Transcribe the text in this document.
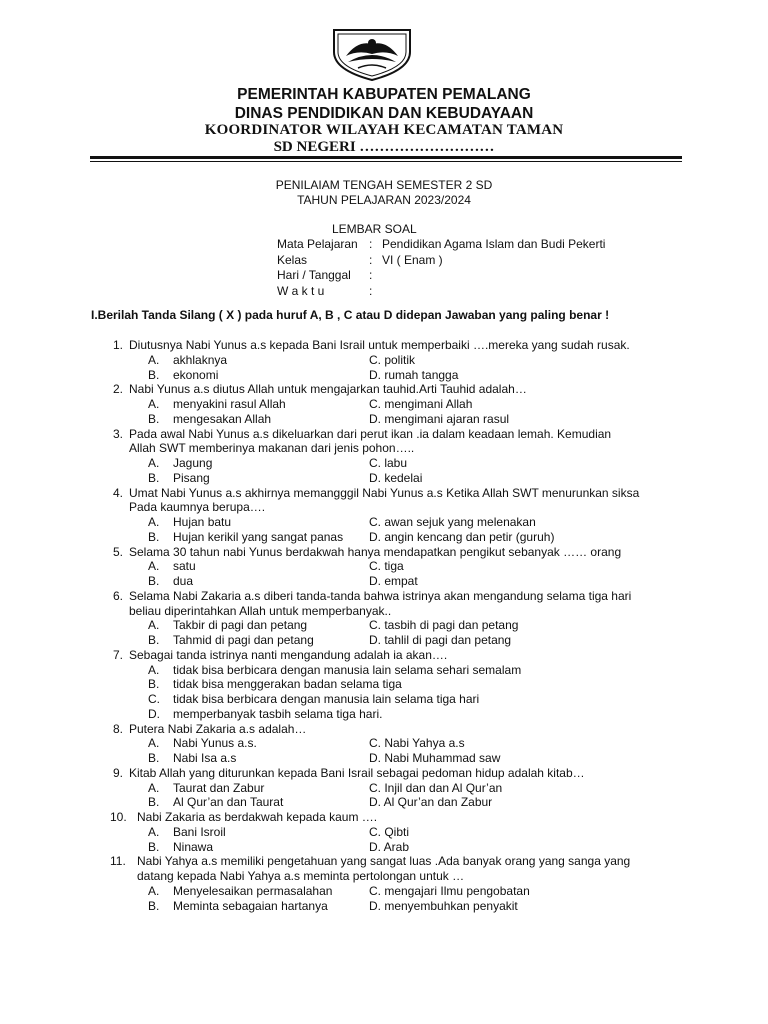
PEMERINTAH KABUPATEN PEMALANG
DINAS PENDIDIKAN DAN KEBUDAYAAN
KOORDINATOR WILAYAH KECAMATAN TAMAN
SD NEGERI ………………………
PENILAIAM TENGAH SEMESTER 2 SD
TAHUN PELAJARAN 2023/2024
LEMBAR SOAL
Mata Pelajaran : Pendidikan Agama Islam dan Budi Pekerti
Kelas	: VI ( Enam )
Hari / Tanggal :
W a k t u	:
I.Berilah Tanda Silang ( X ) pada huruf A, B , C atau D didepan Jawaban yang paling benar !
1. Diutusnya Nabi Yunus a.s kepada Bani Israil untuk memperbaiki ….mereka yang sudah rusak.
A. akhlaknya	C. politik
B. ekonomi	D. rumah tangga
2. Nabi Yunus a.s diutus Allah untuk mengajarkan tauhid.Arti Tauhid adalah…
A. menyakini rasul Allah	C. mengimani Allah
B. mengesakan Allah	D. mengimani ajaran rasul
3. Pada awal Nabi Yunus a.s dikeluarkan dari perut ikan .ia dalam keadaan lemah. Kemudian
Allah SWT memberinya makanan dari jenis pohon…..
A. Jagung	C. labu
B. Pisang	D. kedelai
4. Umat Nabi Yunus a.s akhirnya memangggil Nabi Yunus a.s Ketika Allah SWT menurunkan siksa
Pada kaumnya berupa….
A. Hujan batu	C. awan sejuk yang melenakan
B. Hujan kerikil yang sangat panas D. angin kencang dan petir (guruh)
5. Selama 30 tahun nabi Yunus berdakwah hanya mendapatkan pengikut sebanyak …… orang
A. satu	C. tiga
B. dua	D. empat
6. Selama Nabi Zakaria a.s diberi tanda-tanda bahwa istrinya akan mengandung selama tiga hari
beliau diperintahkan Allah untuk memperbanyak..
A. Takbir di pagi dan petang	C. tasbih di pagi dan petang
B. Tahmid di pagi dan petang	D. tahlil di pagi dan petang
7. Sebagai tanda istrinya nanti mengandung adalah ia akan….
A. tidak bisa berbicara dengan manusia lain selama sehari semalam
B. tidak bisa menggerakan badan selama tiga
C. tidak bisa berbicara dengan manusia lain selama tiga hari
D. memperbanyak tasbih selama tiga hari.
8. Putera Nabi Zakaria a.s adalah…
A. Nabi Yunus a.s.	C. Nabi Yahya a.s
B. Nabi Isa a.s	D. Nabi Muhammad saw
9. Kitab Allah yang diturunkan kepada Bani Israil sebagai pedoman hidup adalah kitab…
A. Taurat dan Zabur	C. Injil dan dan Al Qur’an
B. Al Qur’an dan Taurat	D. Al Qur’an dan Zabur
10. Nabi Zakaria as berdakwah kepada kaum ….
A. Bani Isroil	C. Qibti
B. Ninawa	D. Arab
11. Nabi Yahya a.s memiliki pengetahuan yang sangat luas .Ada banyak orang yang sanga yang
datang kepada Nabi Yahya a.s meminta pertolongan untuk …
A. Menyelesaikan permasalahan	C. mengajari Ilmu pengobatan
B. Meminta sebagaian hartanya	D. menyembuhkan penyakit
